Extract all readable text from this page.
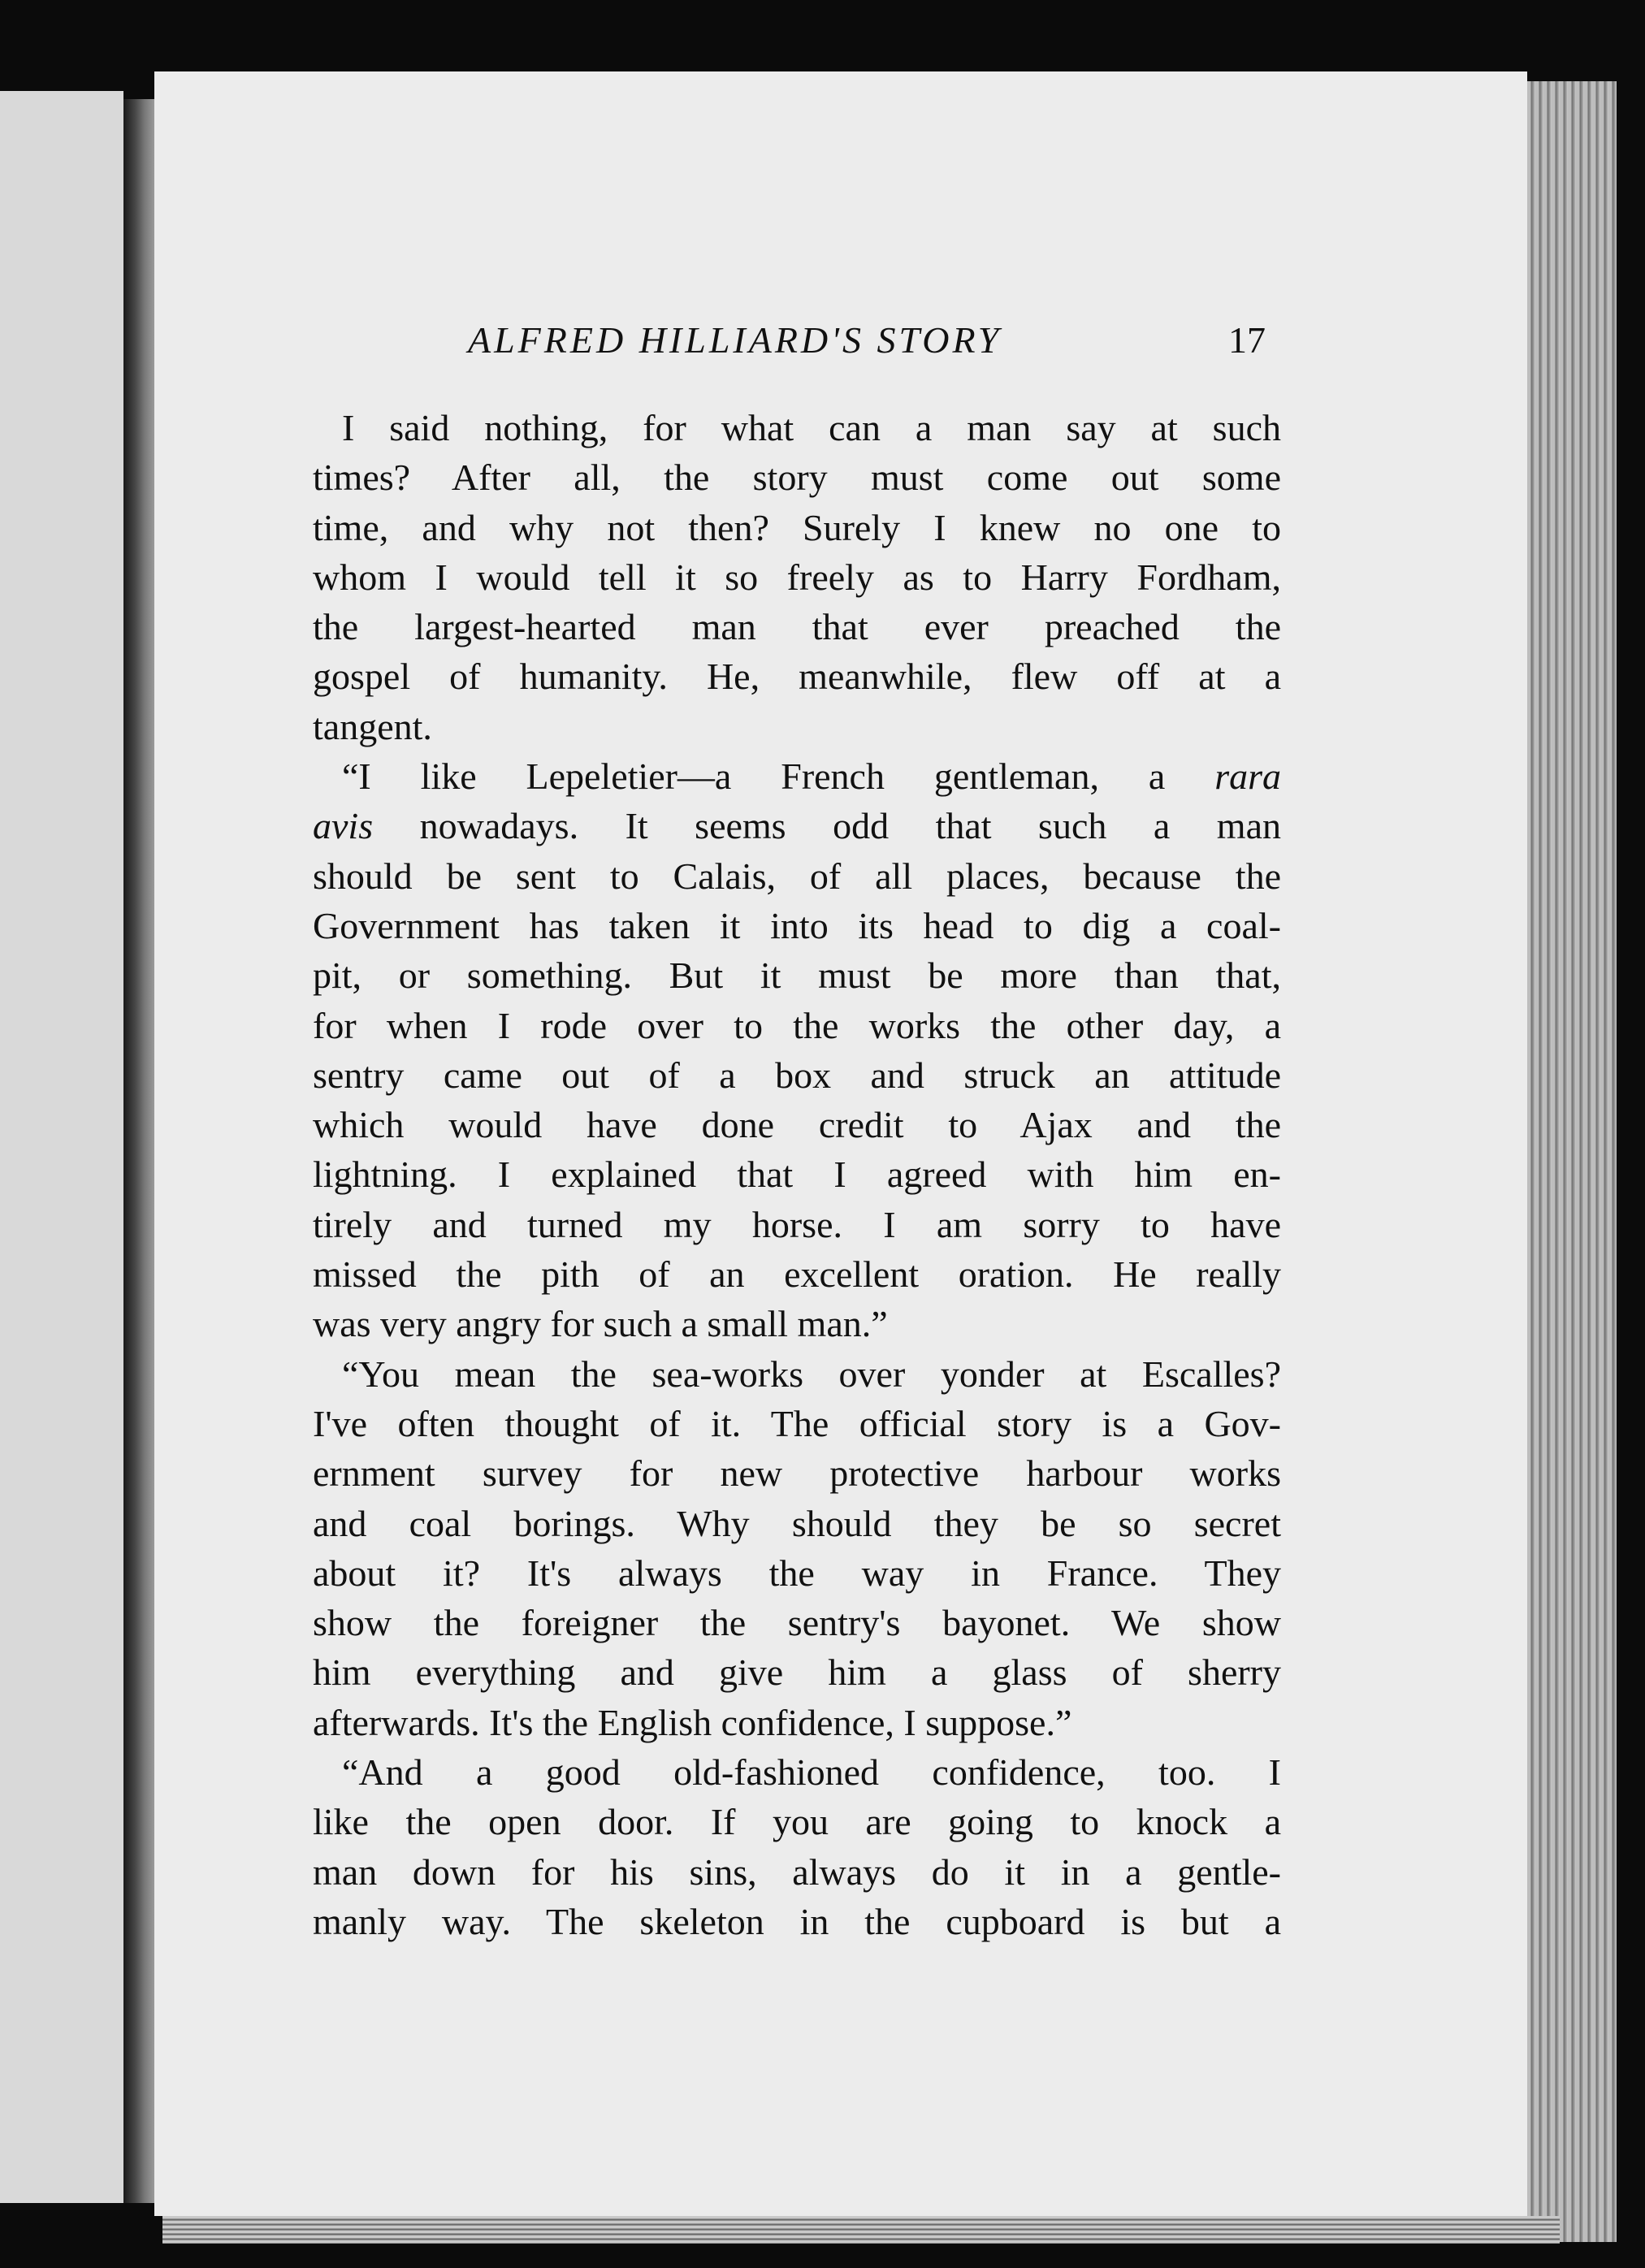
ALFRED HILLIARD'S STORY	17
I said nothing, for what can a man say at such
times? After all, the story must come out some
time, and why not then? Surely I knew no one to
whom I would tell it so freely as to Harry Fordham,
the largest-hearted man that ever preached the
gospel of humanity. He, meanwhile, flew off at a
tangent.
“I like Lepeletier—a French gentleman, a rara
avis nowadays. It seems odd that such a man
should be sent to Calais, of all places, because the
Government has taken it into its head to dig a coal-
pit, or something. But it must be more than that,
for when I rode over to the works the other day, a
sentry came out of a box and struck an attitude
which would have done credit to Ajax and the
lightning. I explained that I agreed with him en-
tirely and turned my horse. I am sorry to have
missed the pith of an excellent oration. He really
was very angry for such a small man.”
“You mean the sea-works over yonder at Escalles?
I've often thought of it. The official story is a Gov-
ernment survey for new protective harbour works
and coal borings. Why should they be so secret
about it? It's always the way in France. They
show the foreigner the sentry's bayonet. We show
him everything and give him a glass of sherry
afterwards. It's the English confidence, I suppose.”
“And a good old-fashioned confidence, too. I
like the open door. If you are going to knock a
man down for his sins, always do it in a gentle-
manly way. The skeleton in the cupboard is but a
